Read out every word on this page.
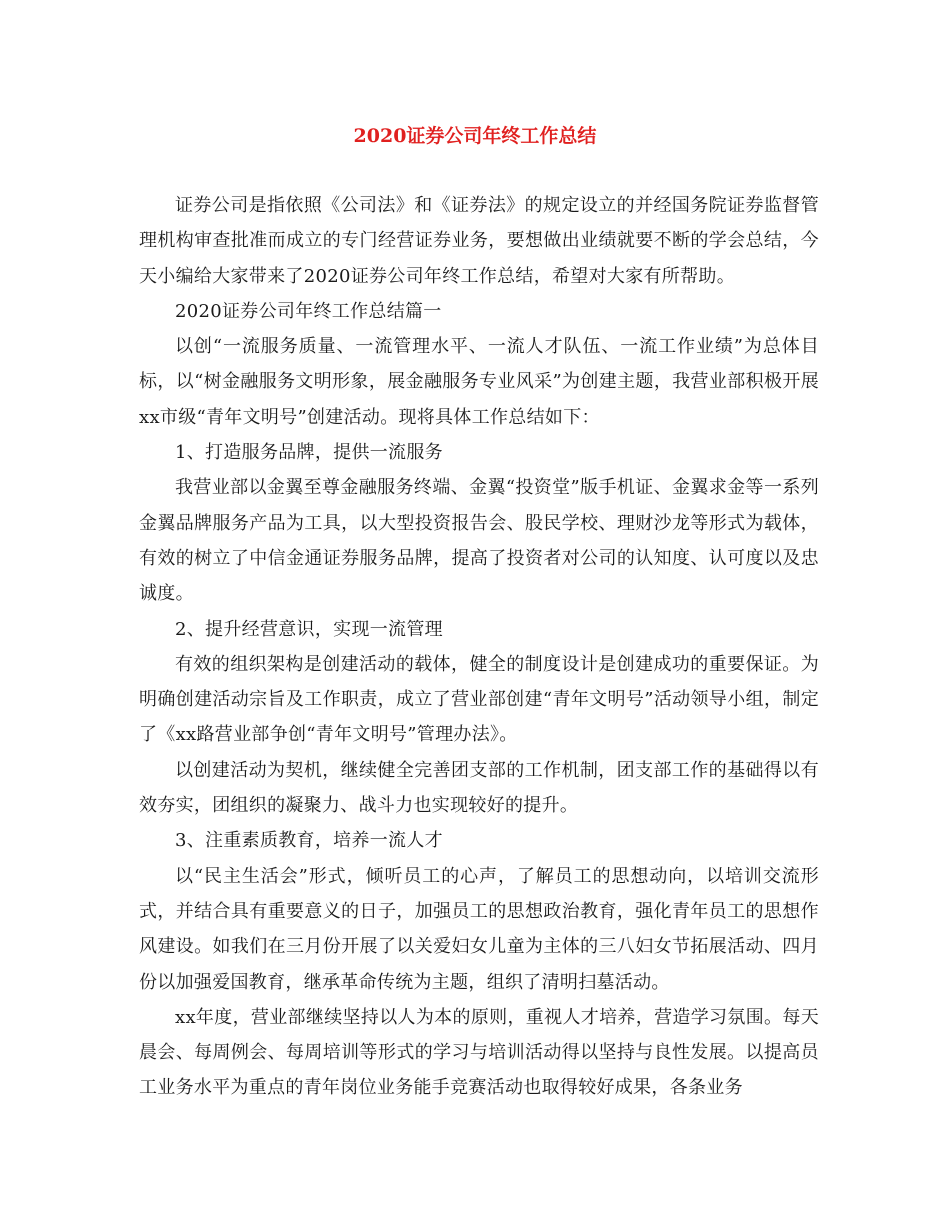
2020证券公司年终工作总结

证券公司是指依照《公司法》和《证券法》的规定设立的并经国务院证券监督管理机构审查批准而成立的专门经营证券业务，要想做出业绩就要不断的学会总结，今天小编给大家带来了2020证券公司年终工作总结，希望对大家有所帮助。

2020证券公司年终工作总结篇一

以创“一流服务质量、一流管理水平、一流人才队伍、一流工作业绩”为总体目标，以“树金融服务文明形象，展金融服务专业风采”为创建主题，我营业部积极开展xx市级“青年文明号”创建活动。现将具体工作总结如下：

1、打造服务品牌，提供一流服务

我营业部以金翼至尊金融服务终端、金翼“投资堂”版手机证、金翼求金等一系列金翼品牌服务产品为工具，以大型投资报告会、股民学校、理财沙龙等形式为载体，有效的树立了中信金通证券服务品牌，提高了投资者对公司的认知度、认可度以及忠诚度。

2、提升经营意识，实现一流管理

有效的组织架构是创建活动的载体，健全的制度设计是创建成功的重要保证。为明确创建活动宗旨及工作职责，成立了营业部创建“青年文明号”活动领导小组，制定了《xx路营业部争创“青年文明号”管理办法》。

以创建活动为契机，继续健全完善团支部的工作机制，团支部工作的基础得以有效夯实，团组织的凝聚力、战斗力也实现较好的提升。

3、注重素质教育，培养一流人才

以“民主生活会”形式，倾听员工的心声，了解员工的思想动向，以培训交流形式，并结合具有重要意义的日子，加强员工的思想政治教育，强化青年员工的思想作风建设。如我们在三月份开展了以关爱妇女儿童为主体的三八妇女节拓展活动、四月份以加强爱国教育，继承革命传统为主题，组织了清明扫墓活动。

xx年度，营业部继续坚持以人为本的原则，重视人才培养，营造学习氛围。每天晨会、每周例会、每周培训等形式的学习与培训活动得以坚持与良性发展。以提高员工业务水平为重点的青年岗位业务能手竞赛活动也取得较好成果，各条业务
